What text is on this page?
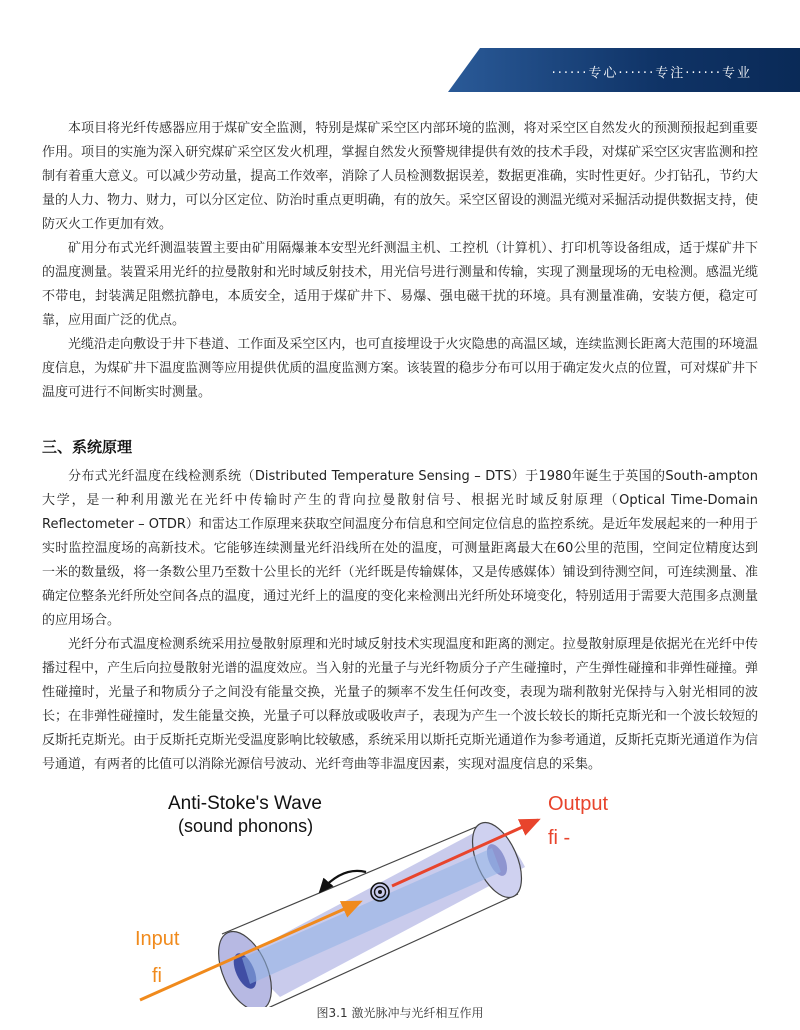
······专心······专注······专业

本项目将光纤传感器应用于煤矿安全监测，特别是煤矿采空区内部环境的监测，将对采空区自然发火的预测预报起到重要作用。项目的实施为深入研究煤矿采空区发火机理，掌握自然发火预警规律提供有效的技术手段，对煤矿采空区灾害监测和控制有着重大意义。可以减少劳动量，提高工作效率，消除了人员检测数据误差，数据更准确，实时性更好。少打钻孔，节约大量的人力、物力、财力，可以分区定位、防治时重点更明确，有的放矢。采空区留设的测温光缆对采掘活动提供数据支持，使防灭火工作更加有效。

矿用分布式光纤测温装置主要由矿用隔爆兼本安型光纤测温主机、工控机（计算机）、打印机等设备组成，适于煤矿井下的温度测量。装置采用光纤的拉曼散射和光时域反射技术，用光信号进行测量和传输，实现了测量现场的无电检测。感温光缆不带电，封装满足阻燃抗静电，本质安全，适用于煤矿井下、易爆、强电磁干扰的环境。具有测量准确，安装方便，稳定可靠，应用面广泛的优点。

光缆沿走向敷设于井下巷道、工作面及采空区内，也可直接埋设于火灾隐患的高温区域，连续监测长距离大范围的环境温度信息，为煤矿井下温度监测等应用提供优质的温度监测方案。该装置的稳步分布可以用于确定发火点的位置，可对煤矿井下温度可进行不间断实时测量。

三、系统原理

分布式光纤温度在线检测系统（Distributed Temperature Sensing – DTS）于1980年诞生于英国的South-ampton大学，是一种利用激光在光纤中传输时产生的背向拉曼散射信号、根据光时域反射原理（Optical Time-Domain Reflectometer – OTDR）和雷达工作原理来获取空间温度分布信息和空间定位信息的监控系统。是近年发展起来的一种用于实时监控温度场的高新技术。它能够连续测量光纤沿线所在处的温度，可测量距离最大在60公里的范围，空间定位精度达到一米的数量级，将一条数公里乃至数十公里长的光纤（光纤既是传输媒体，又是传感媒体）铺设到待测空间，可连续测量、准确定位整条光纤所处空间各点的温度，通过光纤上的温度的变化来检测出光纤所处环境变化，特别适用于需要大范围多点测量的应用场合。

光纤分布式温度检测系统采用拉曼散射原理和光时域反射技术实现温度和距离的测定。拉曼散射原理是依据光在光纤中传播过程中，产生后向拉曼散射光谱的温度效应。当入射的光量子与光纤物质分子产生碰撞时，产生弹性碰撞和非弹性碰撞。弹性碰撞时，光量子和物质分子之间没有能量交换，光量子的频率不发生任何改变，表现为瑞利散射光保持与入射光相同的波长；在非弹性碰撞时，发生能量交换，光量子可以释放或吸收声子，表现为产生一个波长较长的斯托克斯光和一个波长较短的反斯托克斯光。由于反斯托克斯光受温度影响比较敏感，系统采用以斯托克斯光通道作为参考通道，反斯托克斯光通道作为信号通道，有两者的比值可以消除光源信号波动、光纤弯曲等非温度因素，实现对温度信息的采集。

Anti-Stoke's Wave
(sound phonons)
Output
fi -
Input
fi
图3.1 激光脉冲与光纤相互作用
